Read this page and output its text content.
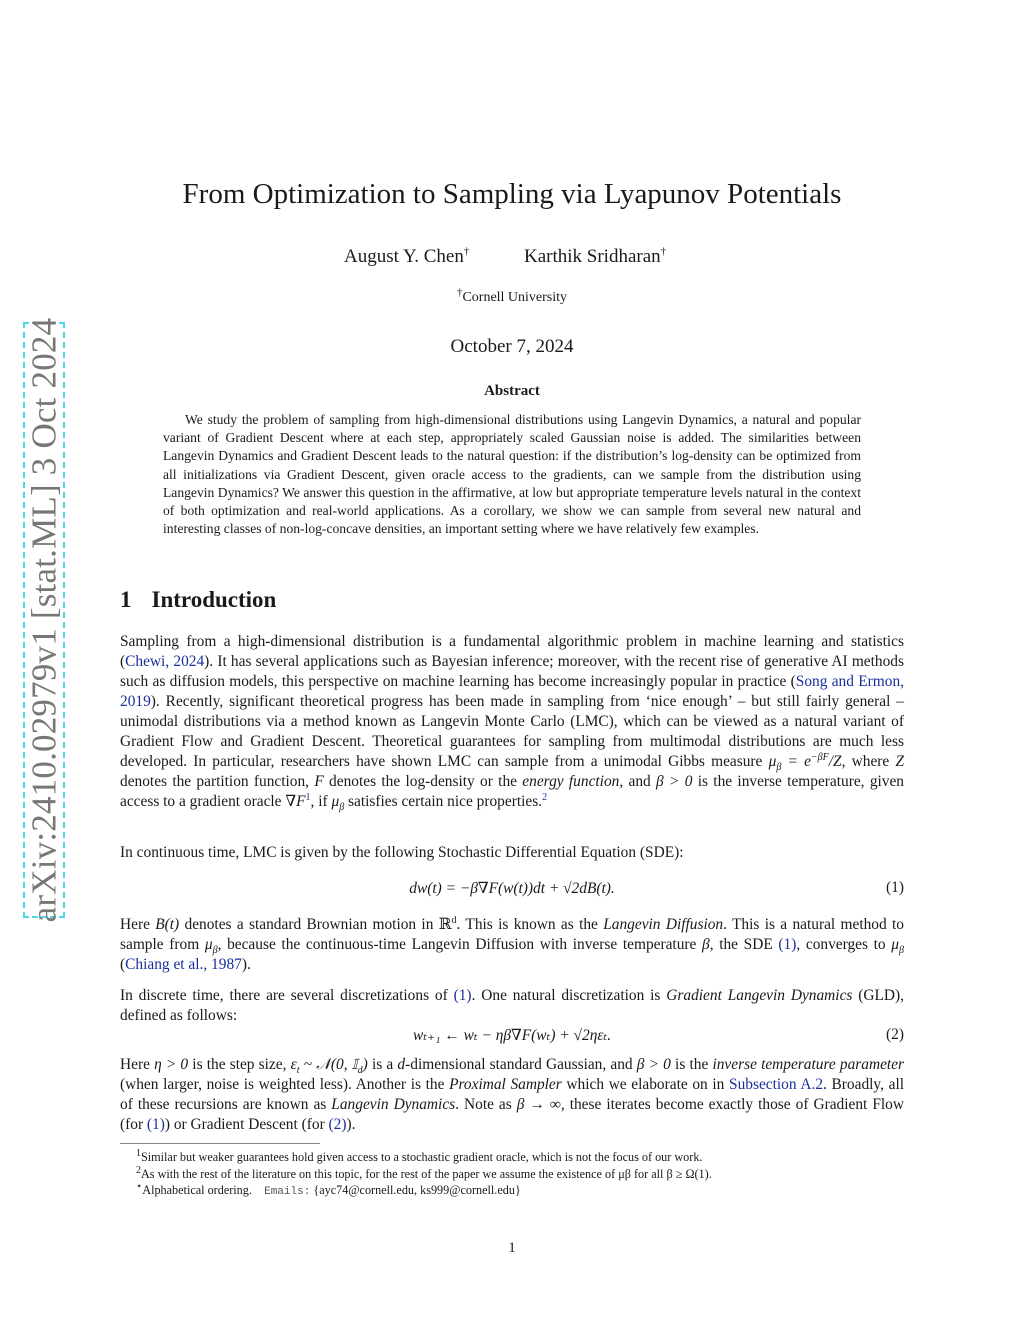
arXiv:2410.02979v1 [stat.ML] 3 Oct 2024
From Optimization to Sampling via Lyapunov Potentials
August Y. Chen†	Karthik Sridharan†
†Cornell University
October 7, 2024
Abstract
We study the problem of sampling from high-dimensional distributions using Langevin Dynamics, a natural and popular variant of Gradient Descent where at each step, appropriately scaled Gaussian noise is added. The similarities between Langevin Dynamics and Gradient Descent leads to the natural question: if the distribution’s log-density can be optimized from all initializations via Gradient Descent, given oracle access to the gradients, can we sample from the distribution using Langevin Dynamics? We answer this question in the affirmative, at low but appropriate temperature levels natural in the context of both optimization and real-world applications. As a corollary, we show we can sample from several new natural and interesting classes of non-log-concave densities, an important setting where we have relatively few examples.
1 Introduction
Sampling from a high-dimensional distribution is a fundamental algorithmic problem in machine learning and statistics (Chewi, 2024). It has several applications such as Bayesian inference; moreover, with the recent rise of generative AI methods such as diffusion models, this perspective on machine learning has become increasingly popular in practice (Song and Ermon, 2019). Recently, significant theoretical progress has been made in sampling from ‘nice enough’ – but still fairly general – unimodal distributions via a method known as Langevin Monte Carlo (LMC), which can be viewed as a natural variant of Gradient Flow and Gradient Descent. Theoretical guarantees for sampling from multimodal distributions are much less developed. In particular, researchers have shown LMC can sample from a unimodal Gibbs measure $\mu_\beta = e^{-\beta F}/Z$, where Z denotes the partition function, F denotes the log-density or the energy function, and β > 0 is the inverse temperature, given access to a gradient oracle ∇F$^1$, if $\mu_\beta$ satisfies certain nice properties.$^2$
In continuous time, LMC is given by the following Stochastic Differential Equation (SDE):
dw(t) = −β∇F(w(t))dt + √2dB(t).	(1)
Here B(t) denotes a standard Brownian motion in ℝ$^d$. This is known as the Langevin Diffusion. This is a natural method to sample from $\mu_\beta$, because the continuous-time Langevin Diffusion with inverse temperature β, the SDE (1), converges to $\mu_\beta$ (Chiang et al., 1987).
In discrete time, there are several discretizations of (1). One natural discretization is Gradient Langevin Dynamics (GLD), defined as follows:
wₜ₊₁ ← wₜ − ηβ∇F(wₜ) + √2ηεₜ.	(2)
Here η > 0 is the step size, $\varepsilon_t$ ~ 𝒩(0, 𝕀$_d$) is a d-dimensional standard Gaussian, and β > 0 is the inverse temperature parameter (when larger, noise is weighted less). Another is the Proximal Sampler which we elaborate on in Subsection A.2. Broadly, all of these recursions are known as Langevin Dynamics. Note as β → ∞, these iterates become exactly those of Gradient Flow (for (1)) or Gradient Descent (for (2)).
$^1$Similar but weaker guarantees hold given access to a stochastic gradient oracle, which is not the focus of our work.
$^2$As with the rest of the literature on this topic, for the rest of the paper we assume the existence of μβ for all β ≥ Ω(1).
⋆Alphabetical ordering. Emails: {ayc74@cornell.edu, ks999@cornell.edu}
1
